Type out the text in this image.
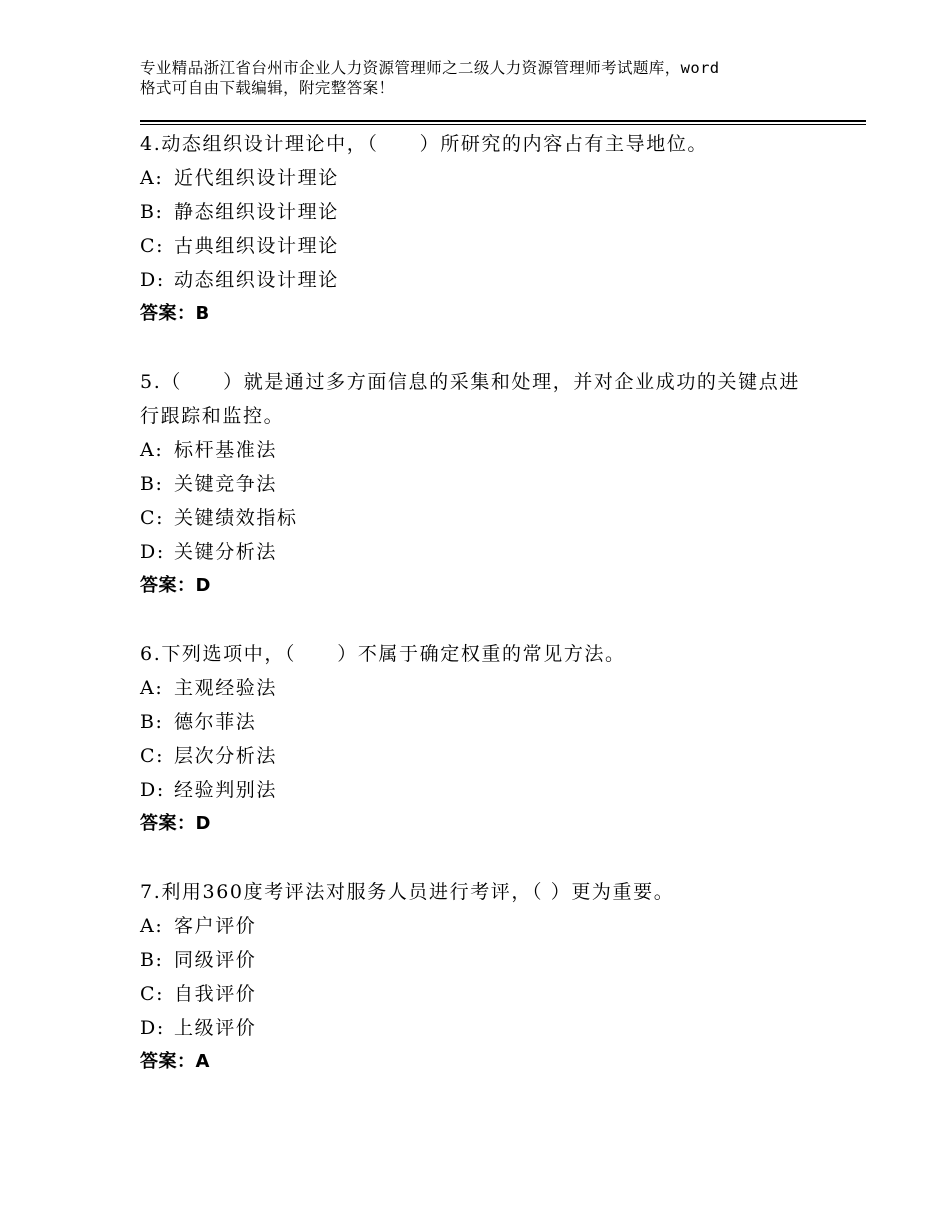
专业精品浙江省台州市企业人力资源管理师之二级人力资源管理师考试题库，word
格式可自由下载编辑，附完整答案！
4.动态组织设计理论中，（　　）所研究的内容占有主导地位。
A: 近代组织设计理论
B: 静态组织设计理论
C: 古典组织设计理论
D: 动态组织设计理论
答案：B
5.（　　）就是通过多方面信息的采集和处理，并对企业成功的关键点进行跟踪和监控。
A: 标杆基准法
B: 关键竞争法
C: 关键绩效指标
D: 关键分析法
答案：D
6.下列选项中，（　　）不属于确定权重的常见方法。
A: 主观经验法
B: 德尔菲法
C: 层次分析法
D: 经验判别法
答案：D
7.利用360度考评法对服务人员进行考评，（ ）更为重要。
A: 客户评价
B: 同级评价
C: 自我评价
D: 上级评价
答案：A
